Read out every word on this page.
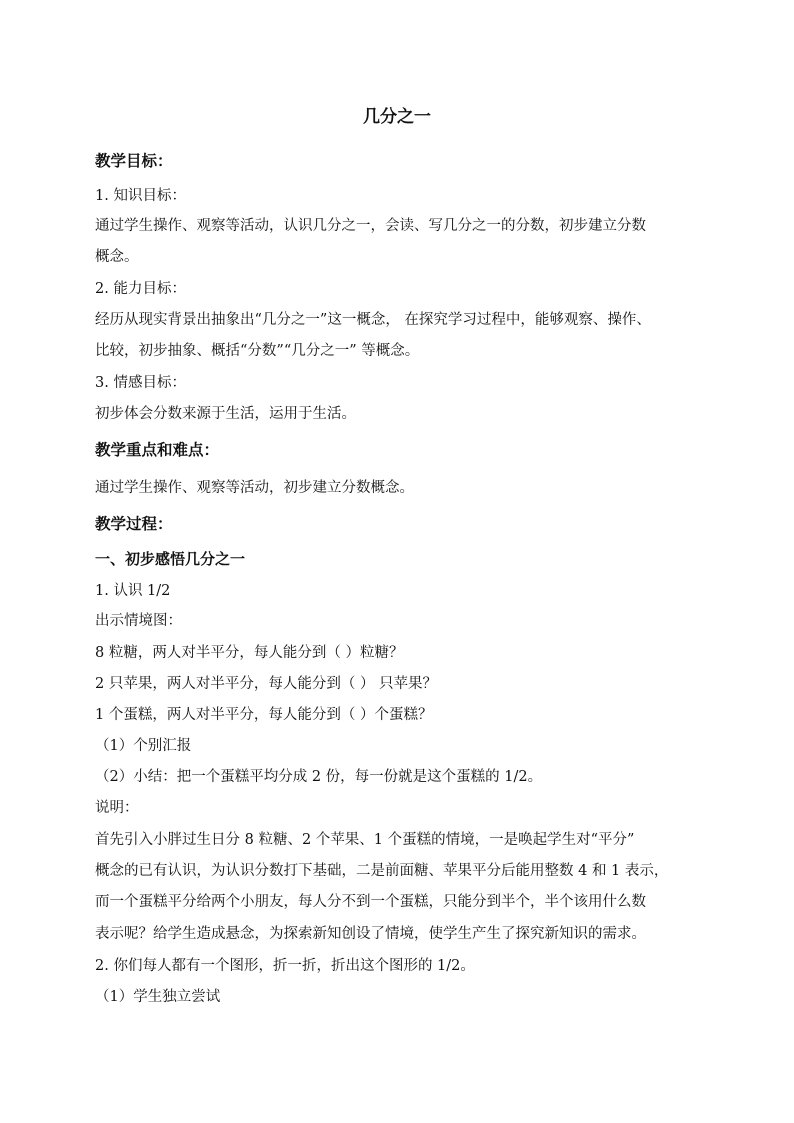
几分之一
教学目标：
1. 知识目标：
通过学生操作、观察等活动，认识几分之一，会读、写几分之一的分数，初步建立分数
概念。
2. 能力目标：
经历从现实背景出抽象出“几分之一”这一概念， 在探究学习过程中，能够观察、操作、
比较，初步抽象、概括“分数”“几分之一” 等概念。
3. 情感目标：
初步体会分数来源于生活，运用于生活。
教学重点和难点：
通过学生操作、观察等活动，初步建立分数概念。
教学过程：
一、初步感悟几分之一
1. 认识 1/2
出示情境图：
8 粒糖，两人对半平分，每人能分到（ ）粒糖？
2 只苹果，两人对半平分，每人能分到（ ） 只苹果？
1 个蛋糕，两人对半平分，每人能分到（ ）个蛋糕？
（1）个别汇报
（2）小结：把一个蛋糕平均分成 2 份，每一份就是这个蛋糕的 1/2。
说明：
首先引入小胖过生日分 8 粒糖、2 个苹果、1 个蛋糕的情境，一是唤起学生对“平分”
概念的已有认识，为认识分数打下基础，二是前面糖、苹果平分后能用整数 4 和 1 表示，
而一个蛋糕平分给两个小朋友，每人分不到一个蛋糕，只能分到半个，半个该用什么数
表示呢？给学生造成悬念，为探索新知创设了情境，使学生产生了探究新知识的需求。
2. 你们每人都有一个图形，折一折，折出这个图形的 1/2。
（1）学生独立尝试
